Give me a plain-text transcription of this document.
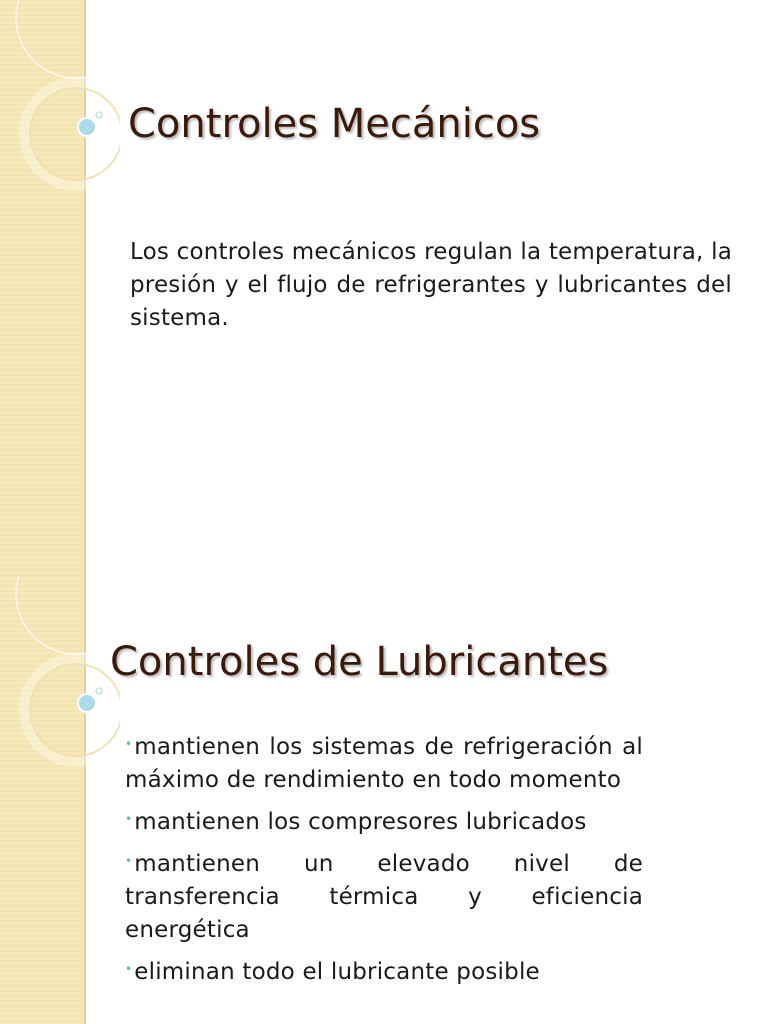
Controles Mecánicos

Los controles mecánicos regulan la temperatura, la presión y el flujo de refrigerantes y lubricantes del sistema.

Controles de Lubricantes
•mantienen los sistemas de refrigeración al máximo de rendimiento en todo momento
•mantienen los compresores lubricados
•mantienen un elevado nivel de transferencia térmica y eficiencia energética
•eliminan todo el lubricante posible
